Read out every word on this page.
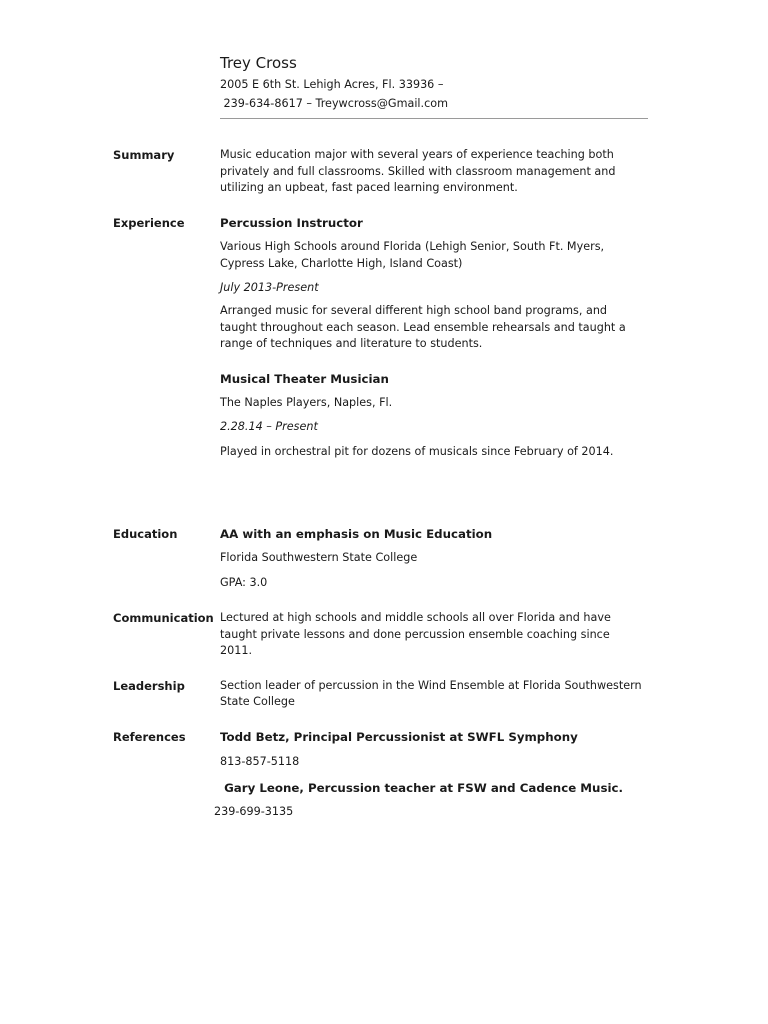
Trey Cross
2005 E 6th St. Lehigh Acres, Fl. 33936 –
239-634-8617 – Treywcross@Gmail.com
Summary	Music education major with several years of experience teaching both
privately and full classrooms. Skilled with classroom management and
utilizing an upbeat, fast paced learning environment.
Experience	Percussion Instructor
Various High Schools around Florida (Lehigh Senior, South Ft. Myers,
Cypress Lake, Charlotte High, Island Coast)
July 2013-Present
Arranged music for several different high school band programs, and
taught throughout each season. Lead ensemble rehearsals and taught a
range of techniques and literature to students.
Musical Theater Musician
The Naples Players, Naples, Fl.
2.28.14 – Present
Played in orchestral pit for dozens of musicals since February of 2014.
Education	AA with an emphasis on Music Education
Florida Southwestern State College
GPA: 3.0
Communication Lectured at high schools and middle schools all over Florida and have
taught private lessons and done percussion ensemble coaching since
2011.
Leadership	Section leader of percussion in the Wind Ensemble at Florida Southwestern
State College
References	Todd Betz, Principal Percussionist at SWFL Symphony
813-857-5118
Gary Leone, Percussion teacher at FSW and Cadence Music.
239-699-3135
